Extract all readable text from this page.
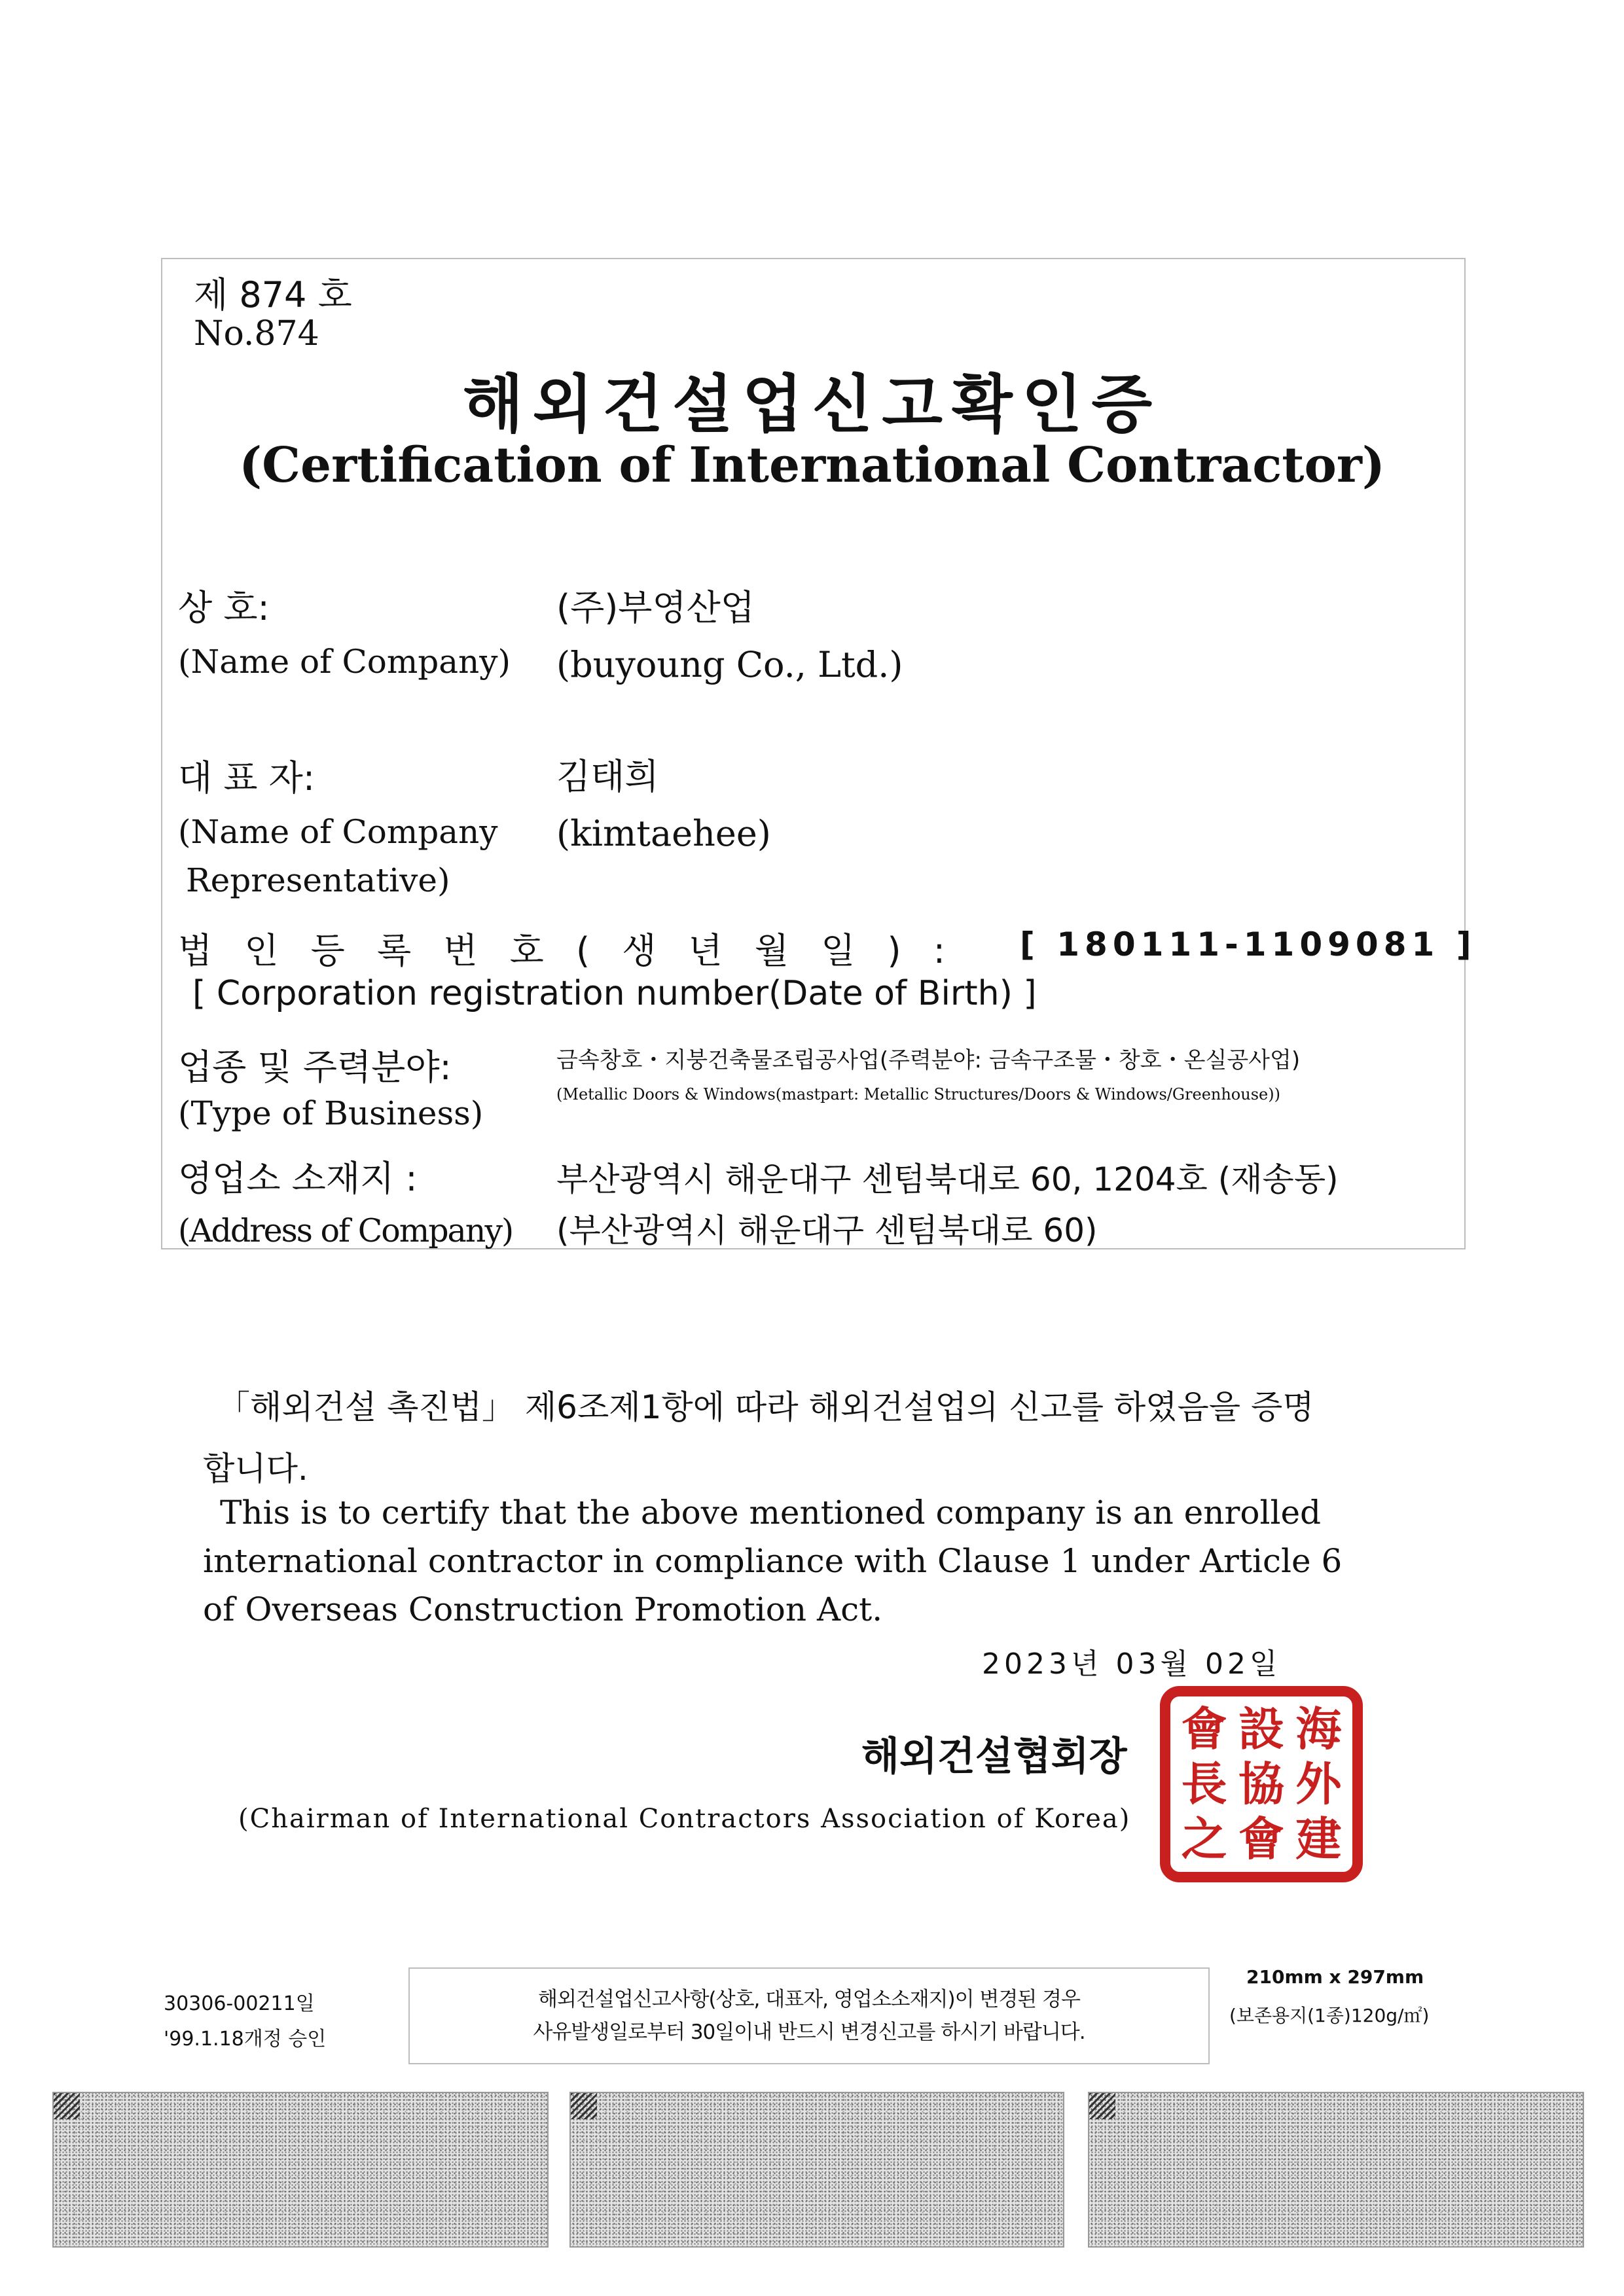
제 874 호
No.874
해외건설업신고확인증
(Certification of International Contractor)
상 호:
(Name of Company)
(주)부영산업
(buyoung Co., Ltd.)
대 표 자:
(Name of Company
Representative)
김태희
(kimtaehee)
법 인 등 록 번 호 ( 생 년 월 일 ) : [ 180111-1109081 ]
[ Corporation registration number(Date of Birth) ]
업종 및 주력분야:
(Type of Business)
금속창호・지붕건축물조립공사업(주력분야: 금속구조물・창호・온실공사업)
(Metallic Doors & Windows(mastpart: Metallic Structures/Doors & Windows/Greenhouse))
영업소 소재지 :
(Address of Company)
부산광역시 해운대구 센텀북대로 60, 1204호 (재송동)
(부산광역시 해운대구 센텀북대로 60)
「해외건설 촉진법」 제6조제1항에 따라 해외건설업의 신고를 하였음을 증명
합니다.
This is to certify that the above mentioned company is an enrolled
international contractor in compliance with Clause 1 under Article 6
of Overseas Construction Promotion Act.
2023년 03월 02일
해외건설협회장
(Chairman of International Contractors Association of Korea)
會 設 海
長 協 外
之 會 建
30306-00211일
'99.1.18개정 승인
해외건설업신고사항(상호, 대표자, 영업소소재지)이 변경된 경우
사유발생일로부터 30일이내 반드시 변경신고를 하시기 바랍니다.
210mm x 297mm
(보존용지(1종)120g/㎡)
